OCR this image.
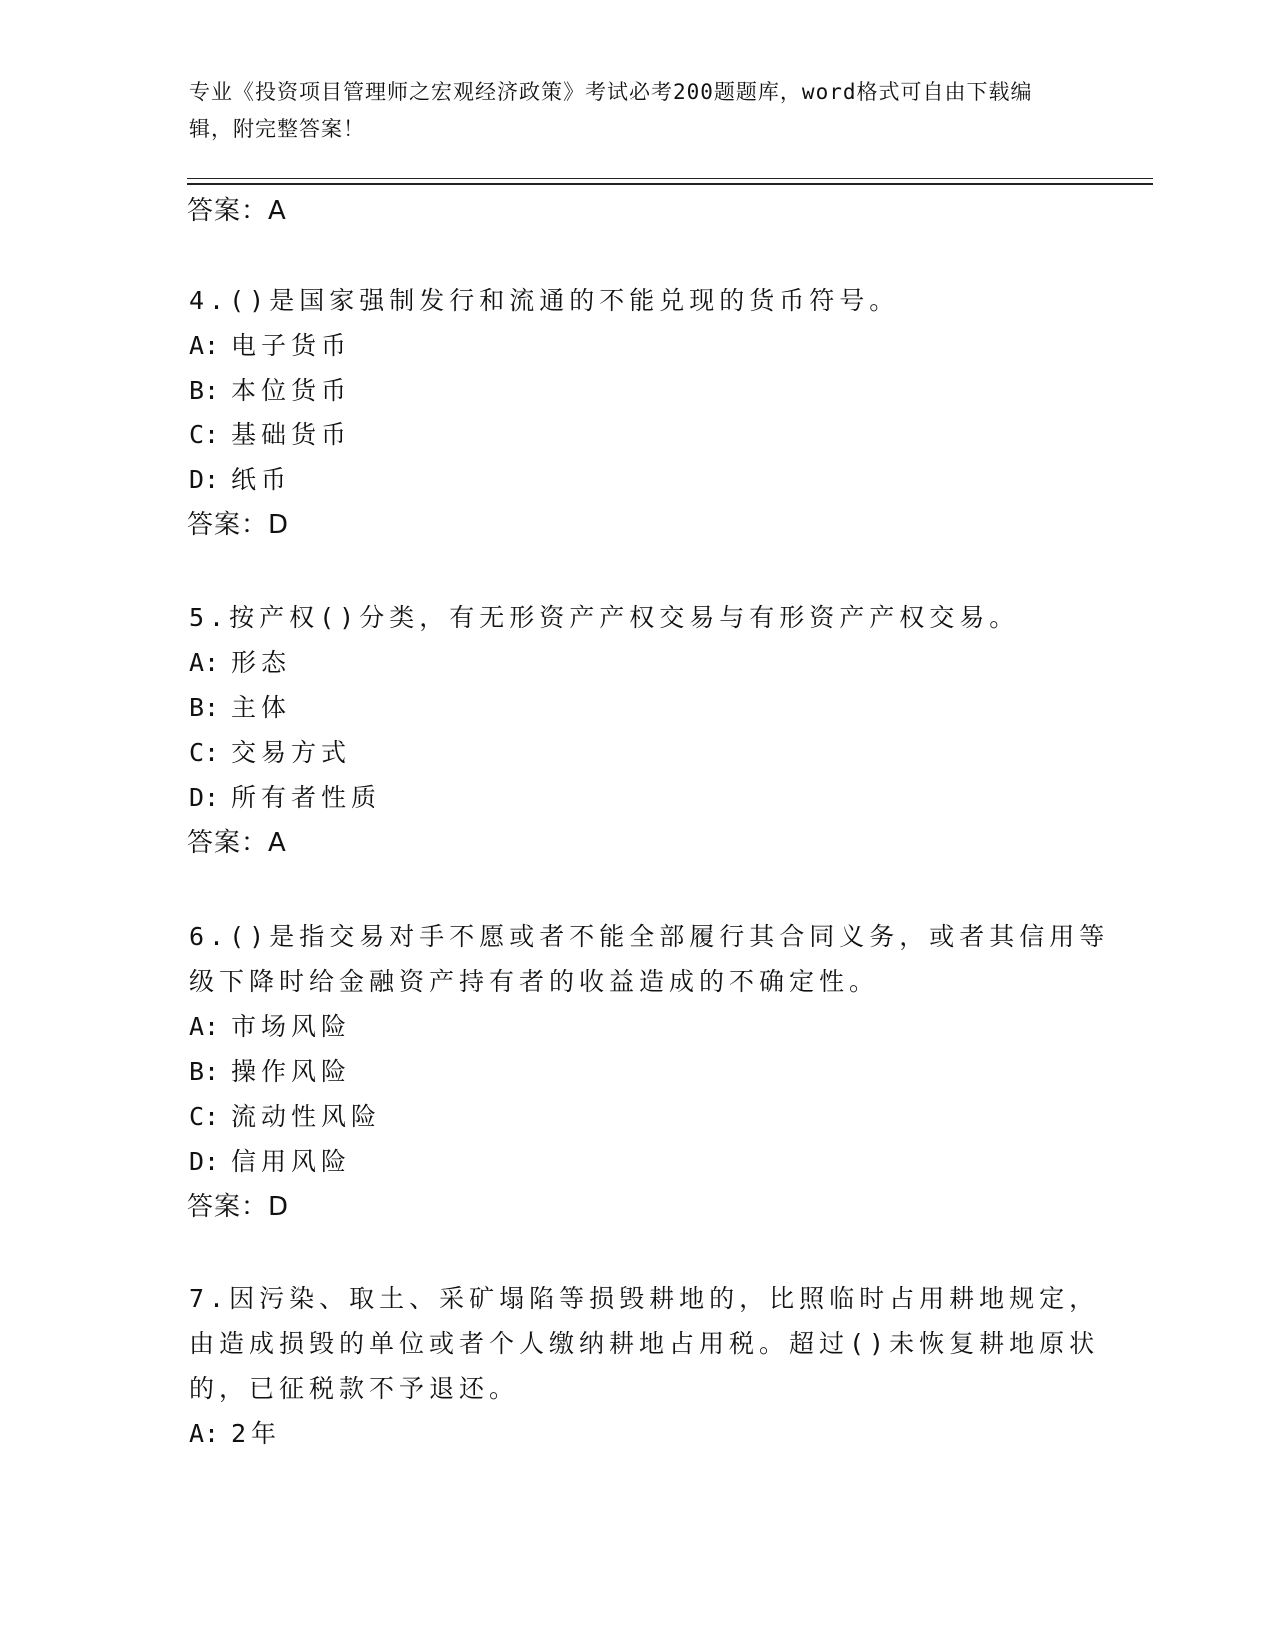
专业《投资项目管理师之宏观经济政策》考试必考200题题库，word格式可自由下载编辑，附完整答案！

答案：A

4.()是国家强制发行和流通的不能兑现的货币符号。

A: 电子货币

B: 本位货币

C: 基础货币

D: 纸币

答案：D

5.按产权()分类，有无形资产产权交易与有形资产产权交易。

A: 形态

B: 主体

C: 交易方式

D: 所有者性质

答案：A

6.()是指交易对手不愿或者不能全部履行其合同义务，或者其信用等

级下降时给金融资产持有者的收益造成的不确定性。

A: 市场风险

B: 操作风险

C: 流动性风险

D: 信用风险

答案：D

7.因污染、取土、采矿塌陷等损毁耕地的，比照临时占用耕地规定，

由造成损毁的单位或者个人缴纳耕地占用税。超过()未恢复耕地原状

的，已征税款不予退还。

A: 2年
